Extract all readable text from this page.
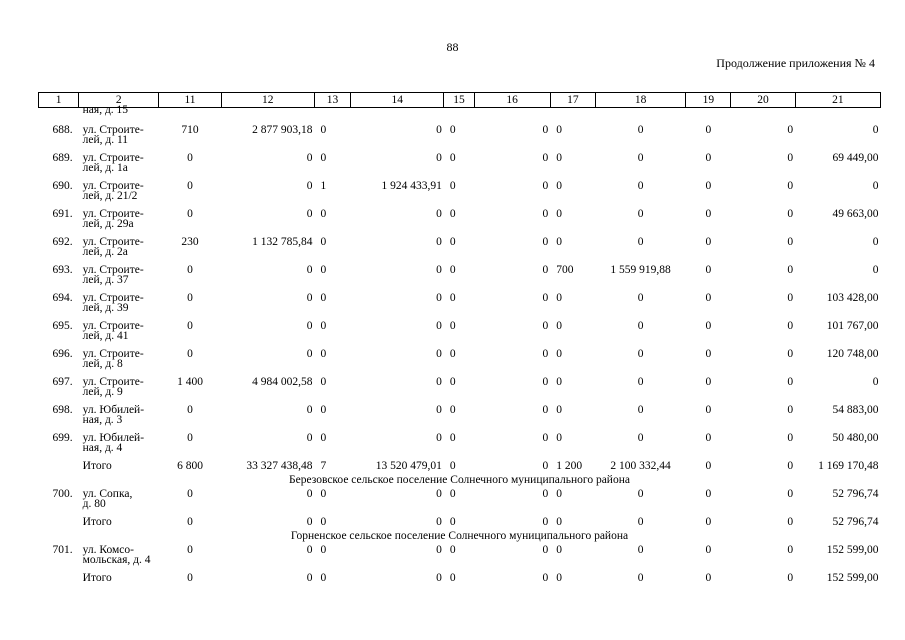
88
Продолжение приложения № 4
1	2	11	12	13	14	15	16	17	18	19	20	21
	ная, д. 15											

688.	ул. Строите-
лей, д. 11	710	2 877 903,18	0	0	0	0	0	0	0	0	0

689.	ул. Строите-
лей, д. 1а	0	0	0	0	0	0	0	0	0	0	69 449,00

690.	ул. Строите-
лей, д. 21/2	0	0	1	1 924 433,91	0	0	0	0	0	0	0

691.	ул. Строите-
лей, д. 29а	0	0	0	0	0	0	0	0	0	0	49 663,00

692.	ул. Строите-
лей, д. 2а	230	1 132 785,84	0	0	0	0	0	0	0	0	0

693.	ул. Строите-
лей, д. 37	0	0	0	0	0	0	700	1 559 919,88	0	0	0

694.	ул. Строите-
лей, д. 39	0	0	0	0	0	0	0	0	0	0	103 428,00

695.	ул. Строите-
лей, д. 41	0	0	0	0	0	0	0	0	0	0	101 767,00

696.	ул. Строите-
лей, д. 8	0	0	0	0	0	0	0	0	0	0	120 748,00

697.	ул. Строите-
лей, д. 9	1 400	4 984 002,58	0	0	0	0	0	0	0	0	0

698.	ул. Юбилей-
ная, д. 3	0	0	0	0	0	0	0	0	0	0	54 883,00

699.	ул. Юбилей-
ная, д. 4	0	0	0	0	0	0	0	0	0	0	50 480,00

	Итого	6 800	33 327 438,48	7	13 520 479,01	0	0	1 200	2 100 332,44	0	0	1 169 170,48

Березовское сельское поселение Солнечного муниципального района												

700.	ул. Сопка,
д. 80	0	0	0	0	0	0	0	0	0	0	52 796,74

	Итого	0	0	0	0	0	0	0	0	0	0	52 796,74

Горненское сельское поселение Солнечного муниципального района												

701.	ул. Комсо-
мольская, д. 4	0	0	0	0	0	0	0	0	0	0	152 599,00

	Итого	0	0	0	0	0	0	0	0	0	0	152 599,00
